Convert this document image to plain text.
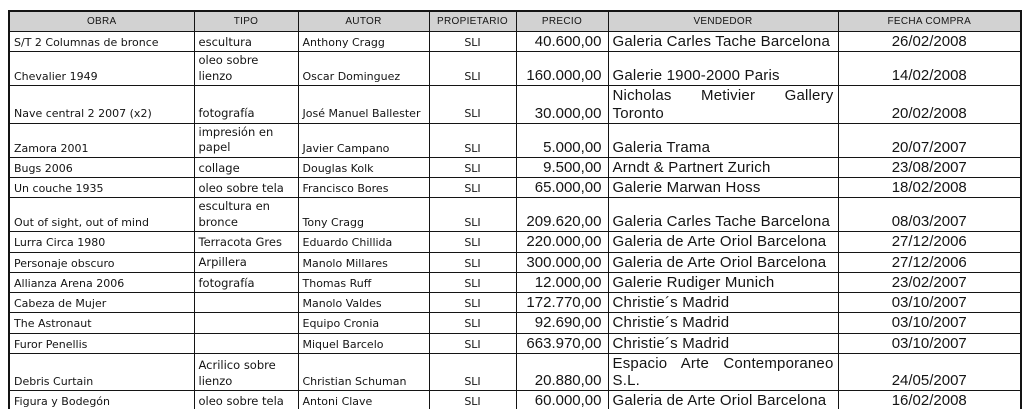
OBRA	TIPO	AUTOR	PROPIETARIO	PRECIO	VENDEDOR	FECHA COMPRA
S/T 2 Columnas de bronce	escultura	Anthony Cragg	SLI	40.600,00	Galeria Carles Tache Barcelona	26/02/2008
Chevalier 1949	oleo sobre lienzo	Oscar Dominguez	SLI	160.000,00	Galerie 1900-2000 Paris	14/02/2008
Nave central 2 2007 (x2)	fotografía	José Manuel Ballester	SLI	30.000,00	Nicholas Metivier Gallery Toronto	20/02/2008
Zamora 2001	impresión en papel	Javier Campano	SLI	5.000,00	Galeria Trama	20/07/2007
Bugs 2006	collage	Douglas Kolk	SLI	9.500,00	Arndt & Partnert Zurich	23/08/2007
Un couche 1935	oleo sobre tela	Francisco Bores	SLI	65.000,00	Galerie Marwan Hoss	18/02/2008
Out of sight, out of mind	escultura en bronce	Tony Cragg	SLI	209.620,00	Galeria Carles Tache Barcelona	08/03/2007
Lurra Circa 1980	Terracota Gres	Eduardo Chillida	SLI	220.000,00	Galeria de Arte Oriol Barcelona	27/12/2006
Personaje obscuro	Arpillera	Manolo Millares	SLI	300.000,00	Galeria de Arte Oriol Barcelona	27/12/2006
Allianza Arena 2006	fotografía	Thomas Ruff	SLI	12.000,00	Galerie Rudiger Munich	23/02/2007
Cabeza de Mujer		Manolo Valdes	SLI	172.770,00	Christie´s Madrid	03/10/2007
The Astronaut		Equipo Cronia	SLI	92.690,00	Christie´s Madrid	03/10/2007
Furor Penellis		Miquel Barcelo	SLI	663.970,00	Christie´s Madrid	03/10/2007
Debris Curtain	Acrilico sobre lienzo	Christian Schuman	SLI	20.880,00	Espacio Arte Contemporaneo S.L.	24/05/2007
Figura y Bodegón	oleo sobre tela	Antoni Clave	SLI	60.000,00	Galeria de Arte Oriol Barcelona	16/02/2008
